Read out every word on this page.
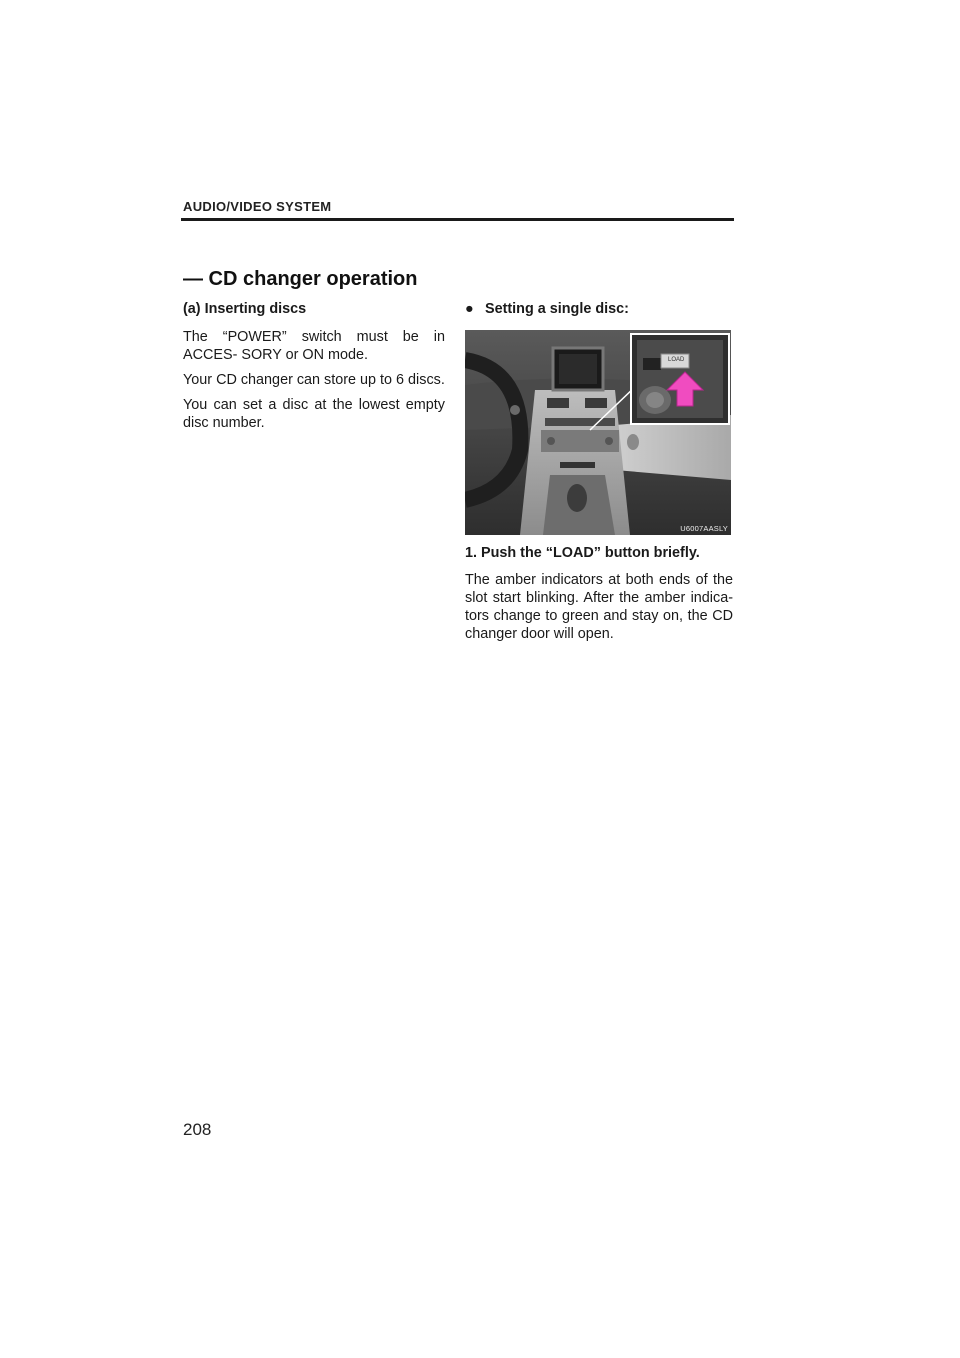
AUDIO/VIDEO SYSTEM
— CD changer operation

(a) Inserting discs

The “POWER” switch must be in ACCES- SORY or ON mode.

Your CD changer can store up to 6 discs.

You can set a disc at the lowest empty disc number.

● Setting a single disc:

LOAD
U6007AASLY

1. Push the “LOAD” button briefly.

The amber indicators at both ends of the slot start blinking. After the amber indica- tors change to green and stay on, the CD changer door will open.

208
